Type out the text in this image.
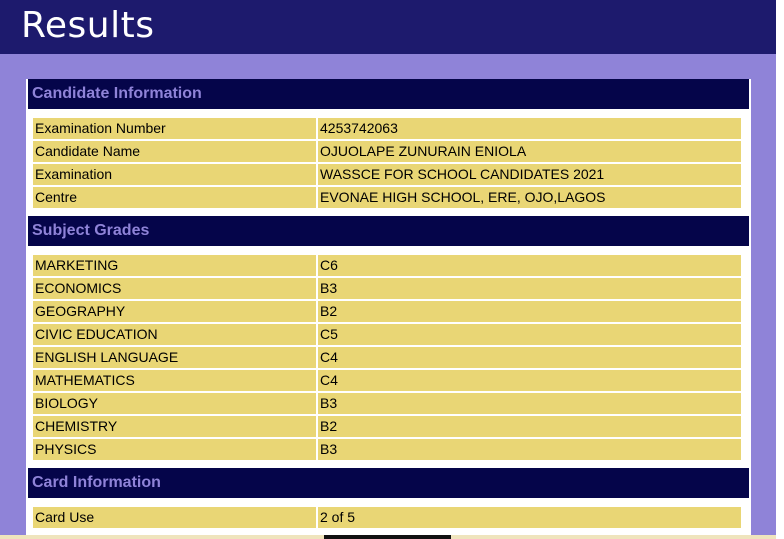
Results
Candidate Information
Examination Number	4253742063
Candidate Name	OJUOLAPE ZUNURAIN ENIOLA
Examination	WASSCE FOR SCHOOL CANDIDATES 2021
Centre	EVONAE HIGH SCHOOL, ERE, OJO,LAGOS
Subject Grades
MARKETING	C6
ECONOMICS	B3
GEOGRAPHY	B2
CIVIC EDUCATION	C5
ENGLISH LANGUAGE	C4
MATHEMATICS	C4
BIOLOGY	B3
CHEMISTRY	B2
PHYSICS	B3
Card Information
Card Use	2 of 5
